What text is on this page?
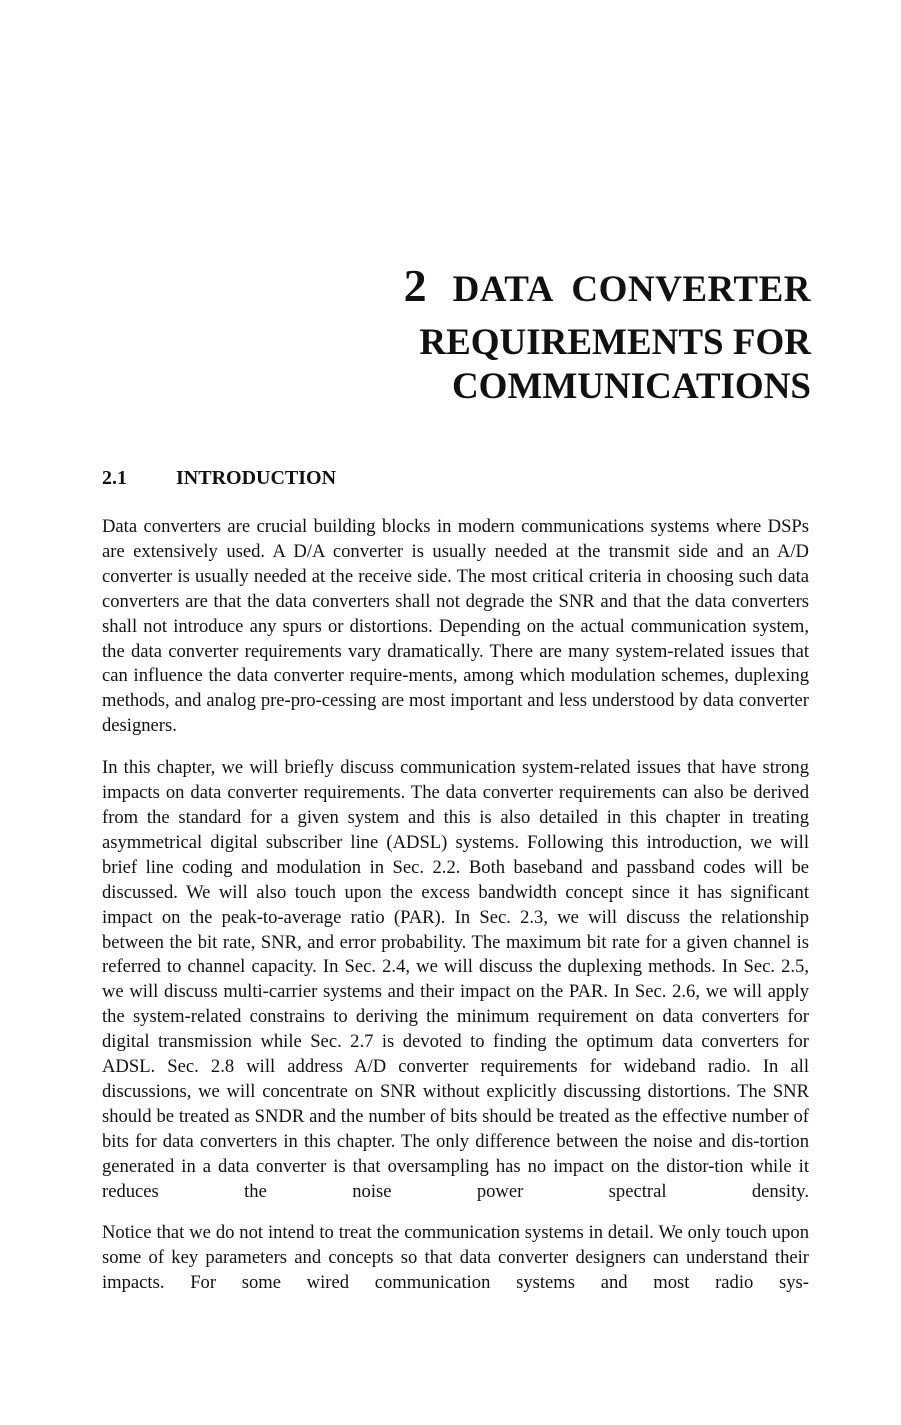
2 DATA  CONVERTER
REQUIREMENTS FOR
COMMUNICATIONS
2.1 INTRODUCTION

Data converters are crucial building blocks in modern communications systems where DSPs are extensively used. A D/A converter is usually needed at the transmit side and an A/D converter is usually needed at the receive side. The most critical criteria in choosing such data converters are that the data converters shall not degrade the SNR and that the data converters shall not introduce any spurs or distortions. Depending on the actual communication system, the data converter requirements vary dramatically. There are many system-related issues that can influence the data converter require-ments, among which modulation schemes, duplexing methods, and analog pre-pro-cessing are most important and less understood by data converter designers.

In this chapter, we will briefly discuss communication system-related issues that have strong impacts on data converter requirements. The data converter requirements can also be derived from the standard for a given system and this is also detailed in this chapter in treating asymmetrical digital subscriber line (ADSL) systems. Following this introduction, we will brief line coding and modulation in Sec. 2.2. Both baseband and passband codes will be discussed. We will also touch upon the excess bandwidth concept since it has significant impact on the peak-to-average ratio (PAR). In Sec. 2.3, we will discuss the relationship between the bit rate, SNR, and error probability. The maximum bit rate for a given channel is referred to channel capacity. In Sec. 2.4, we will discuss the duplexing methods. In Sec. 2.5, we will discuss multi-carrier systems and their impact on the PAR. In Sec. 2.6, we will apply the system-related constrains to deriving the minimum requirement on data converters for digital transmission while Sec. 2.7 is devoted to finding the optimum data converters for ADSL. Sec. 2.8 will address A/D converter requirements for wideband radio. In all discussions, we will concentrate on SNR without explicitly discussing distortions. The SNR should be treated as SNDR and the number of bits should be treated as the effective number of bits for data converters in this chapter. The only difference between the noise and dis-tortion generated in a data converter is that oversampling has no impact on the distor-tion while it reduces the noise power spectral density.

Notice that we do not intend to treat the communication systems in detail. We only touch upon some of key parameters and concepts so that data converter designers can understand their impacts. For some wired communication systems and most radio sys-
